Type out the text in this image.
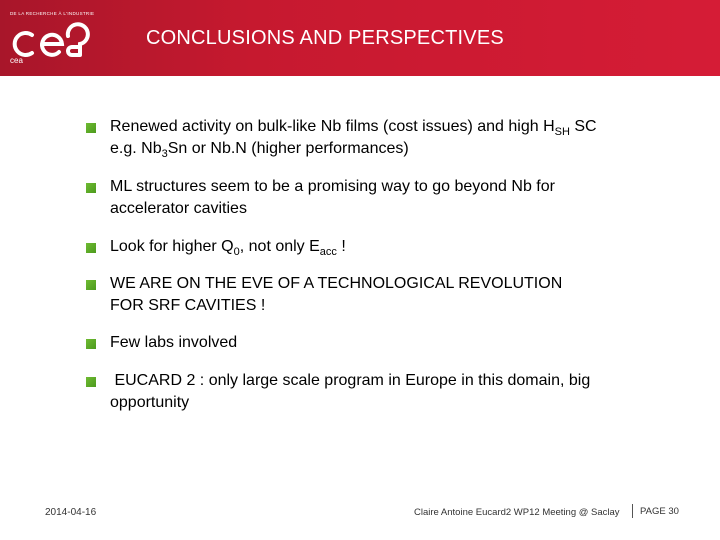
DE LA RECHERCHE À L'INDUSTRIE
cea
CONCLUSIONS AND PERSPECTIVES
Renewed activity on bulk-like Nb films (cost issues) and high $H_{SH}$ SC
e.g. $Nb_3Sn$ or Nb.N (higher performances)
ML structures seem to be a promising way to go beyond Nb for
accelerator cavities
Look for higher $Q_0$, not only $E_{acc}$ !
WE ARE ON THE EVE OF A TECHNOLOGICAL REVOLUTION
FOR SRF CAVITIES !
Few labs involved
EUCARD 2 : only large scale program in Europe in this domain, big
opportunity
2014-04-16	Claire Antoine Eucard2 WP12 Meeting @ Saclay PAGE 30
